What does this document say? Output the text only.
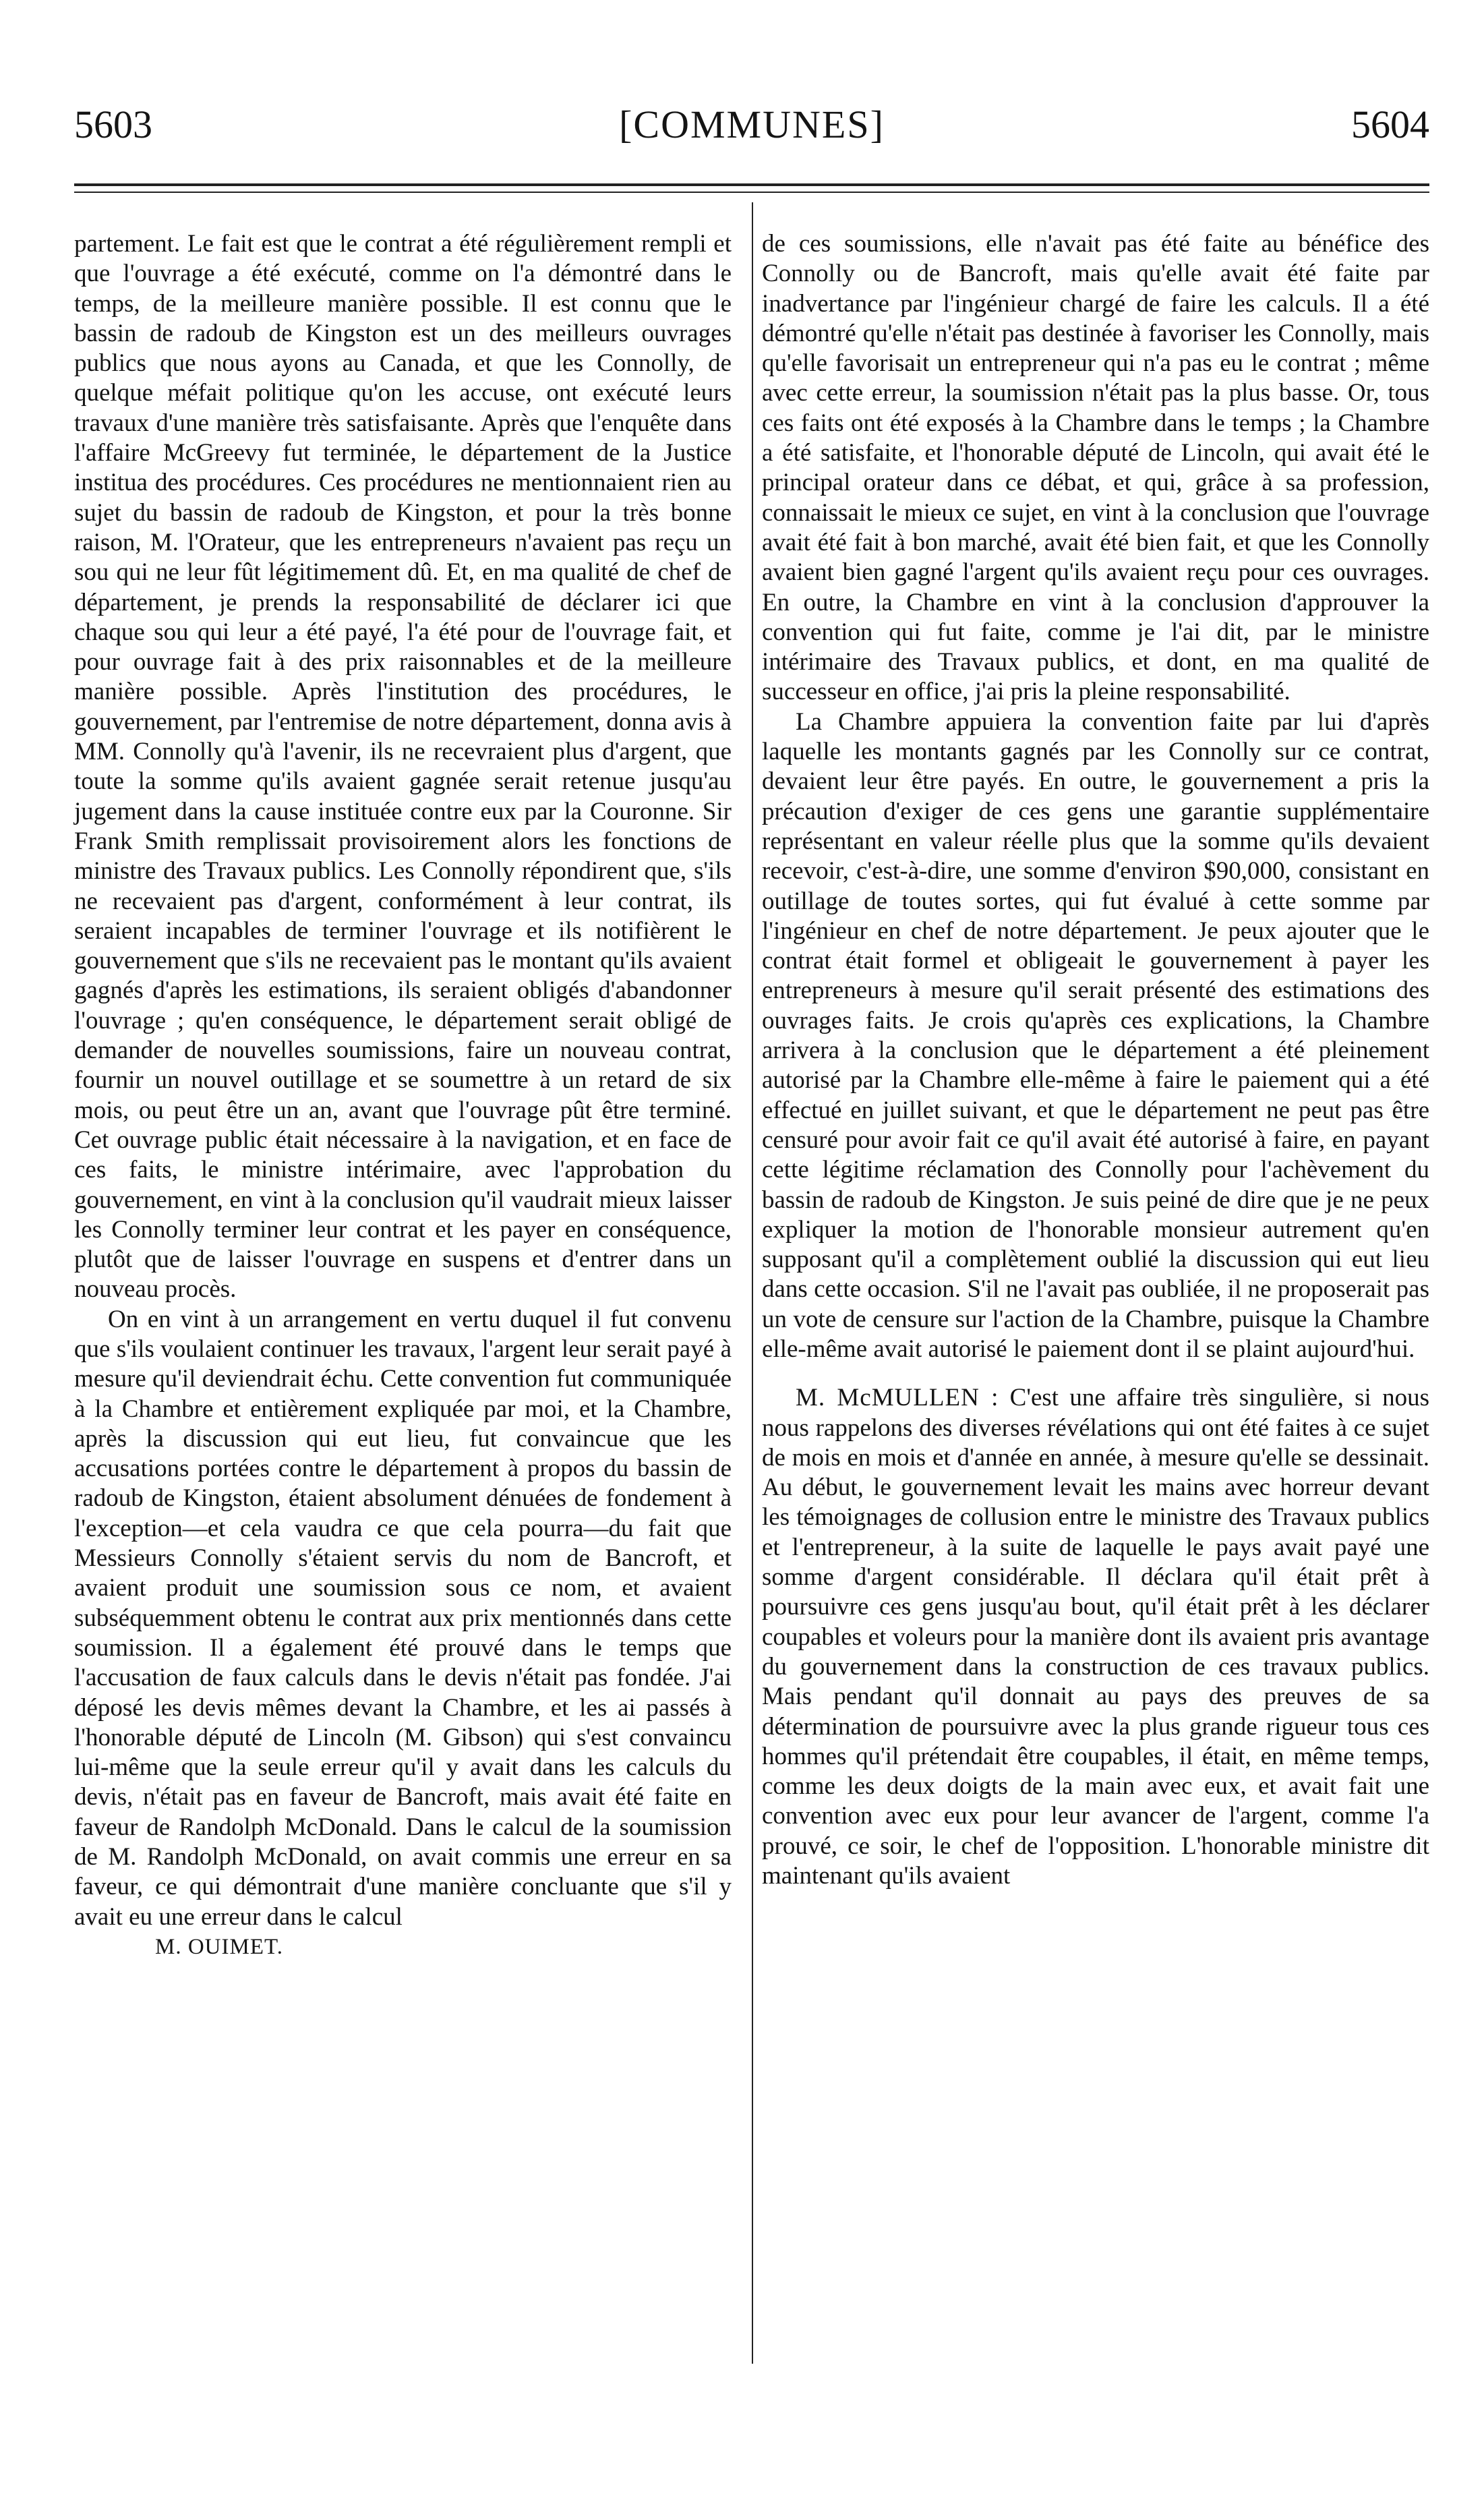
5603	[COMMUNES]	5604

partement. Le fait est que le contrat a été régulièrement rempli et que l'ouvrage a été exécuté, comme on l'a démontré dans le temps, de la meilleure manière possible. Il est connu que le bassin de radoub de Kingston est un des meilleurs ouvrages publics que nous ayons au Canada, et que les Connolly, de quelque méfait politique qu'on les accuse, ont exécuté leurs travaux d'une manière très satisfaisante. Après que l'enquête dans l'affaire McGreevy fut terminée, le département de la Justice institua des procédures. Ces procédures ne mentionnaient rien au sujet du bassin de radoub de Kingston, et pour la très bonne raison, M. l'Orateur, que les entrepreneurs n'avaient pas reçu un sou qui ne leur fût légitimement dû. Et, en ma qualité de chef de département, je prends la responsabilité de déclarer ici que chaque sou qui leur a été payé, l'a été pour de l'ouvrage fait, et pour ouvrage fait à des prix raisonnables et de la meilleure manière possible. Après l'institution des procédures, le gouvernement, par l'entremise de notre département, donna avis à MM. Connolly qu'à l'avenir, ils ne recevraient plus d'argent, que toute la somme qu'ils avaient gagnée serait retenue jusqu'au jugement dans la cause instituée contre eux par la Couronne. Sir Frank Smith remplissait provisoirement alors les fonctions de ministre des Travaux publics. Les Connolly répondirent que, s'ils ne recevaient pas d'argent, conformément à leur contrat, ils seraient incapables de terminer l'ouvrage et ils notifièrent le gouvernement que s'ils ne recevaient pas le montant qu'ils avaient gagnés d'après les estimations, ils seraient obligés d'abandonner l'ouvrage ; qu'en conséquence, le département serait obligé de demander de nouvelles soumissions, faire un nouveau contrat, fournir un nouvel outillage et se soumettre à un retard de six mois, ou peut être un an, avant que l'ouvrage pût être terminé. Cet ouvrage public était nécessaire à la navigation, et en face de ces faits, le ministre intérimaire, avec l'approbation du gouvernement, en vint à la conclusion qu'il vaudrait mieux laisser les Connolly terminer leur contrat et les payer en conséquence, plutôt que de laisser l'ouvrage en suspens et d'entrer dans un nouveau procès.

On en vint à un arrangement en vertu duquel il fut convenu que s'ils voulaient continuer les travaux, l'argent leur serait payé à mesure qu'il deviendrait échu. Cette convention fut communiquée à la Chambre et entièrement expliquée par moi, et la Chambre, après la discussion qui eut lieu, fut convaincue que les accusations portées contre le département à propos du bassin de radoub de Kingston, étaient absolument dénuées de fondement à l'exception—et cela vaudra ce que cela pourra—du fait que Messieurs Connolly s'étaient servis du nom de Bancroft, et avaient produit une soumission sous ce nom, et avaient subséquemment obtenu le contrat aux prix mentionnés dans cette soumission. Il a également été prouvé dans le temps que l'accusation de faux calculs dans le devis n'était pas fondée. J'ai déposé les devis mêmes devant la Chambre, et les ai passés à l'honorable député de Lincoln (M. Gibson) qui s'est convaincu lui-même que la seule erreur qu'il y avait dans les calculs du devis, n'était pas en faveur de Bancroft, mais avait été faite en faveur de Randolph McDonald. Dans le calcul de la soumission de M. Randolph McDonald, on avait commis une erreur en sa faveur, ce qui démontrait d'une manière concluante que s'il y avait eu une erreur dans le calcul

M. OUIMET.

de ces soumissions, elle n'avait pas été faite au bénéfice des Connolly ou de Bancroft, mais qu'elle avait été faite par inadvertance par l'ingénieur chargé de faire les calculs. Il a été démontré qu'elle n'était pas destinée à favoriser les Connolly, mais qu'elle favorisait un entrepreneur qui n'a pas eu le contrat ; même avec cette erreur, la soumission n'était pas la plus basse. Or, tous ces faits ont été exposés à la Chambre dans le temps ; la Chambre a été satisfaite, et l'honorable député de Lincoln, qui avait été le principal orateur dans ce débat, et qui, grâce à sa profession, connaissait le mieux ce sujet, en vint à la conclusion que l'ouvrage avait été fait à bon marché, avait été bien fait, et que les Connolly avaient bien gagné l'argent qu'ils avaient reçu pour ces ouvrages. En outre, la Chambre en vint à la conclusion d'approuver la convention qui fut faite, comme je l'ai dit, par le ministre intérimaire des Travaux publics, et dont, en ma qualité de successeur en office, j'ai pris la pleine responsabilité.

La Chambre appuiera la convention faite par lui d'après laquelle les montants gagnés par les Connolly sur ce contrat, devaient leur être payés. En outre, le gouvernement a pris la précaution d'exiger de ces gens une garantie supplémentaire représentant en valeur réelle plus que la somme qu'ils devaient recevoir, c'est-à-dire, une somme d'environ $90,000, consistant en outillage de toutes sortes, qui fut évalué à cette somme par l'ingénieur en chef de notre département. Je peux ajouter que le contrat était formel et obligeait le gouvernement à payer les entrepreneurs à mesure qu'il serait présenté des estimations des ouvrages faits. Je crois qu'après ces explications, la Chambre arrivera à la conclusion que le département a été pleinement autorisé par la Chambre elle-même à faire le paiement qui a été effectué en juillet suivant, et que le département ne peut pas être censuré pour avoir fait ce qu'il avait été autorisé à faire, en payant cette légitime réclamation des Connolly pour l'achèvement du bassin de radoub de Kingston. Je suis peiné de dire que je ne peux expliquer la motion de l'honorable monsieur autrement qu'en supposant qu'il a complètement oublié la discussion qui eut lieu dans cette occasion. S'il ne l'avait pas oubliée, il ne proposerait pas un vote de censure sur l'action de la Chambre, puisque la Chambre elle-même avait autorisé le paiement dont il se plaint aujourd'hui.

M. McMULLEN : C'est une affaire très singulière, si nous nous rappelons des diverses révélations qui ont été faites à ce sujet de mois en mois et d'année en année, à mesure qu'elle se dessinait. Au début, le gouvernement levait les mains avec horreur devant les témoignages de collusion entre le ministre des Travaux publics et l'entrepreneur, à la suite de laquelle le pays avait payé une somme d'argent considérable. Il déclara qu'il était prêt à poursuivre ces gens jusqu'au bout, qu'il était prêt à les déclarer coupables et voleurs pour la manière dont ils avaient pris avantage du gouvernement dans la construction de ces travaux publics. Mais pendant qu'il donnait au pays des preuves de sa détermination de poursuivre avec la plus grande rigueur tous ces hommes qu'il prétendait être coupables, il était, en même temps, comme les deux doigts de la main avec eux, et avait fait une convention avec eux pour leur avancer de l'argent, comme l'a prouvé, ce soir, le chef de l'opposition. L'honorable ministre dit maintenant qu'ils avaient
